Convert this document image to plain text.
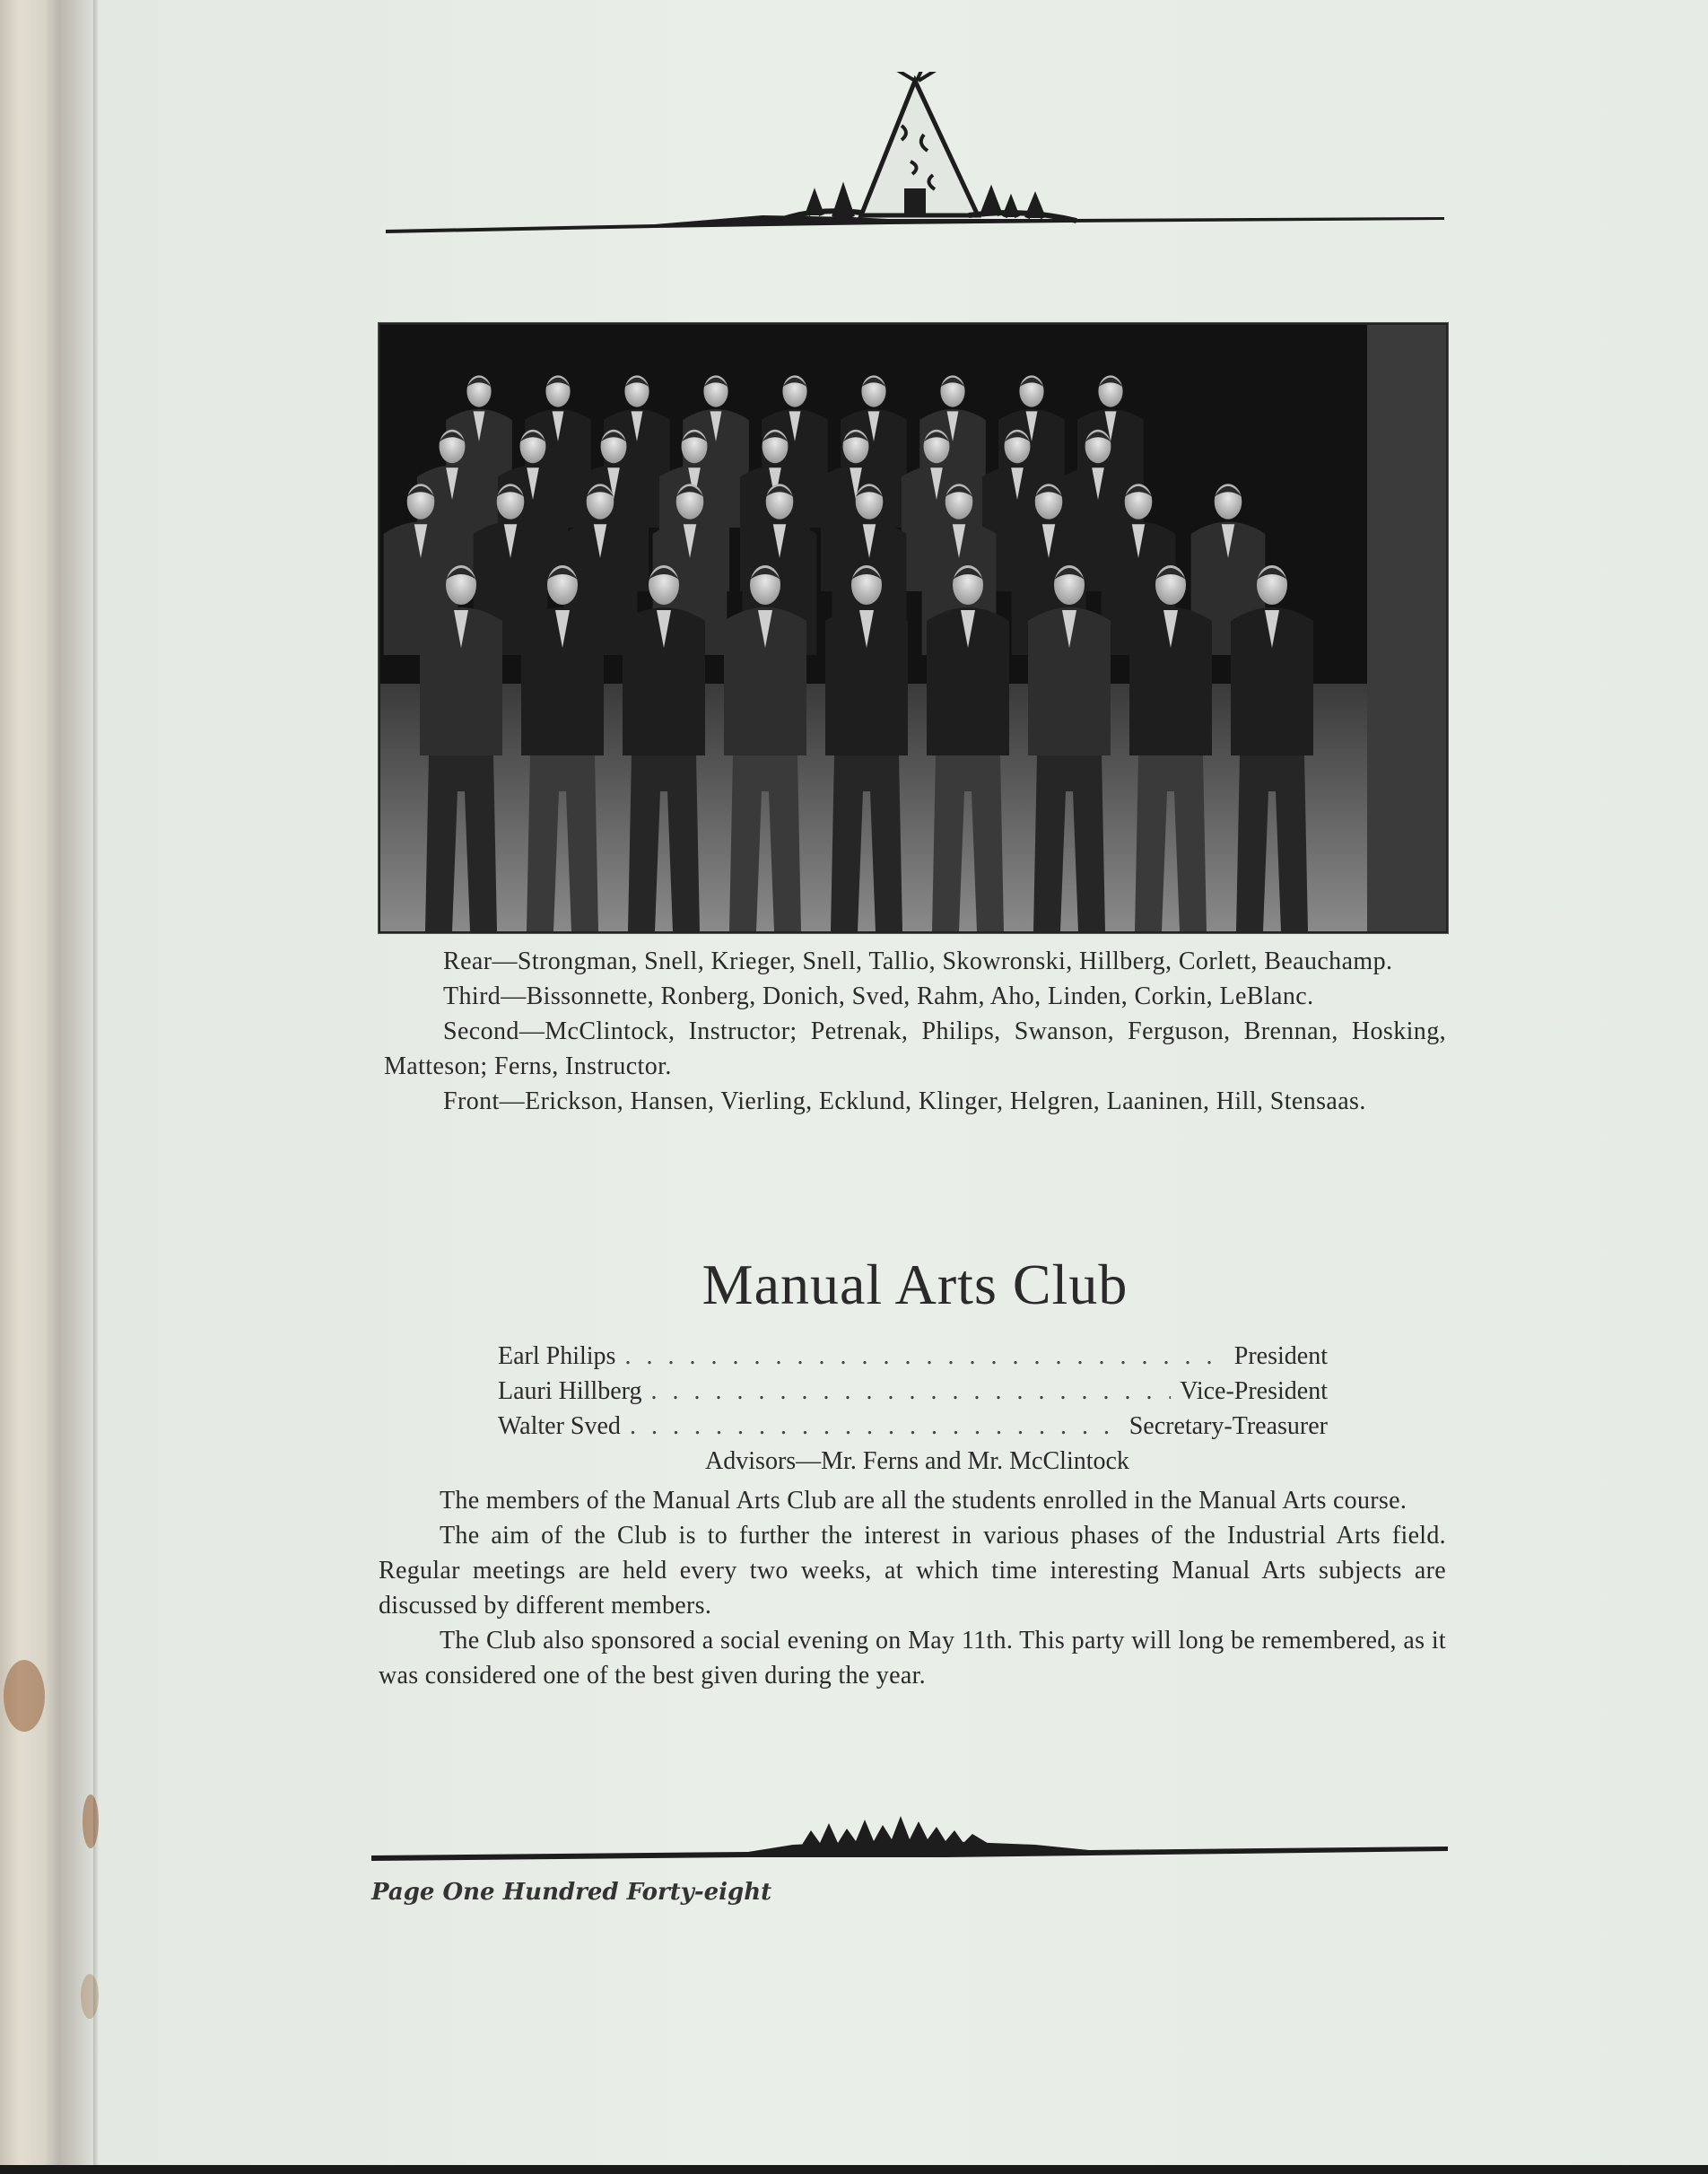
Rear—Strongman, Snell, Krieger, Snell, Tallio, Skowronski, Hillberg, Corlett, Beauchamp.

Third—Bissonnette, Ronberg, Donich, Sved, Rahm, Aho, Linden, Corkin, LeBlanc.

Second—McClintock, Instructor; Petrenak, Philips, Swanson, Ferguson, Brennan, Hosking, Matteson; Ferns, Instructor.

Front—Erickson, Hansen, Vierling, Ecklund, Klinger, Helgren, Laaninen, Hill, Stensaas.

Manual Arts Club
Earl Philips . . .	President
Lauri Hillberg . . .	Vice-President
Walter Sved . . .	Secretary-Treasurer
Advisors—Mr. Ferns and Mr. McClintock

The members of the Manual Arts Club are all the students enrolled in the Manual Arts course.

The aim of the Club is to further the interest in various phases of the Industrial Arts field. Regular meetings are held every two weeks, at which time interesting Manual Arts subjects are discussed by different members.

The Club also sponsored a social evening on May 11th. This party will long be remembered, as it was considered one of the best given during the year.

Page One Hundred Forty-eight
